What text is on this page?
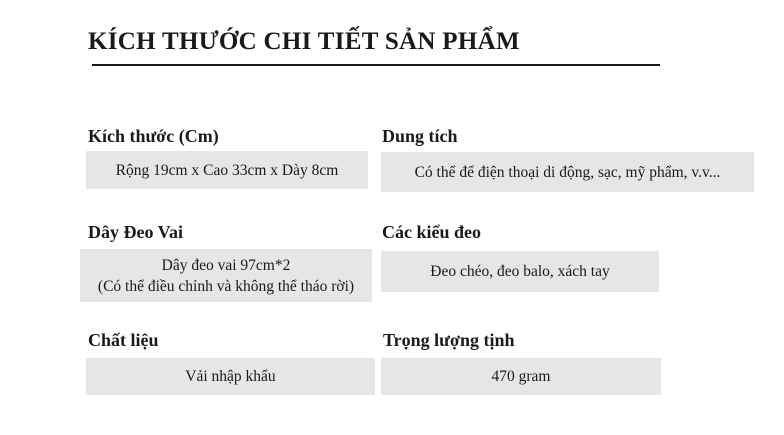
KÍCH THƯỚC CHI TIẾT SẢN PHẨM
Kích thước (Cm)
Rộng 19cm x Cao 33cm x Dày 8cm
Dung tích
Có thể để điện thoại di động, sạc, mỹ phẩm, v.v...
Dây Đeo Vai
Dây đeo vai 97cm*2
(Có thể điều chỉnh và không thể tháo rời)
Các kiểu đeo
Đeo chéo, đeo balo, xách tay
Chất liệu
Vải nhập khẩu
Trọng lượng tịnh
470 gram
